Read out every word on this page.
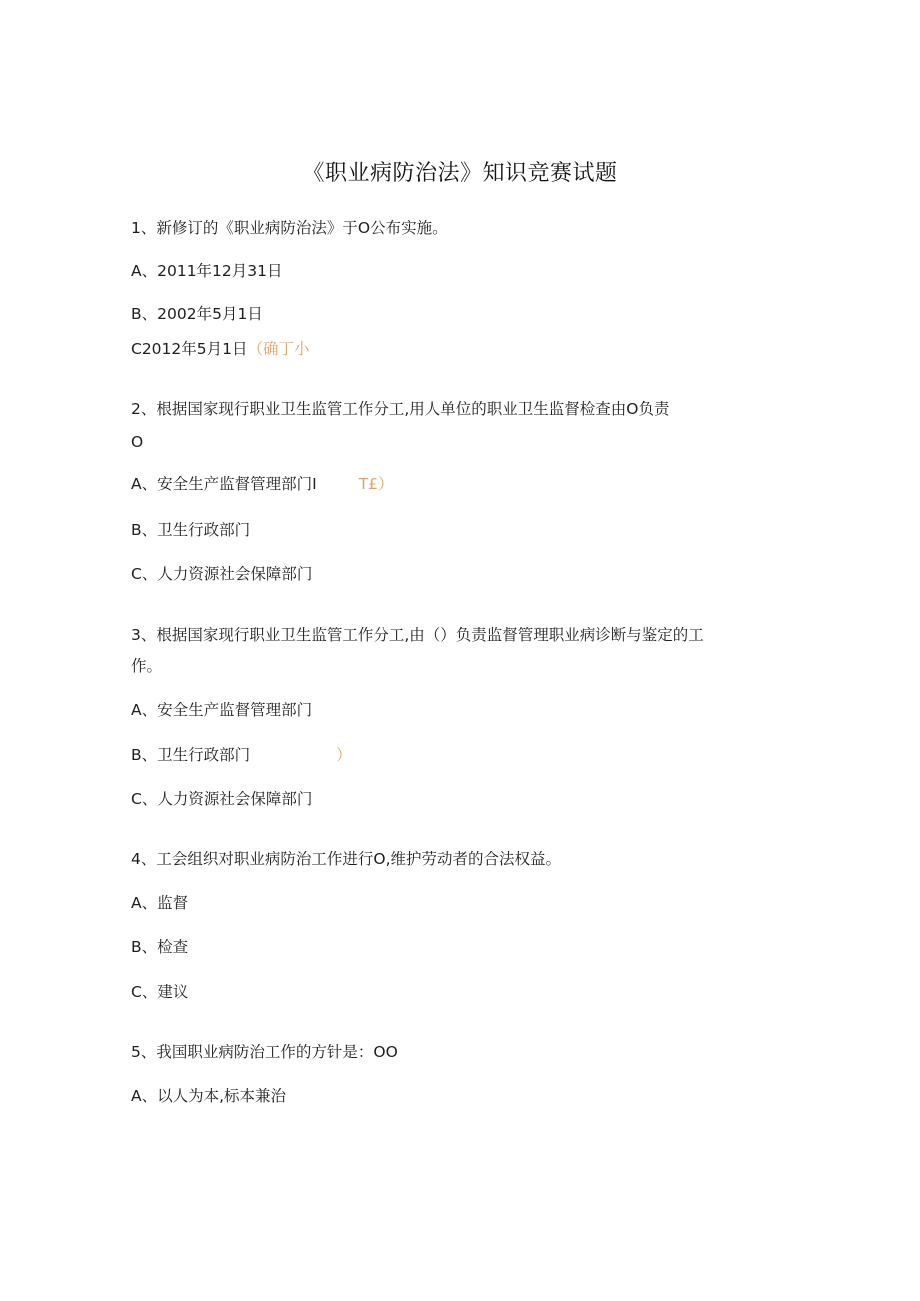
《职业病防治法》知识竞赛试题
1、新修订的《职业病防治法》于O公布实施。
A、2011年12月31日
B、2002年5月1日
C2012年5月1日（确丁小
2、根据国家现行职业卫生监管工作分工,用人单位的职业卫生监督检查由O负责
O
A、安全生产监督管理部门I	T£）
B、卫生行政部门
C、人力资源社会保障部门
3、根据国家现行职业卫生监管工作分工,由（）负责监督管理职业病诊断与鉴定的工
作。
A、安全生产监督管理部门
B、卫生行政部门	）
C、人力资源社会保障部门
4、工会组织对职业病防治工作进行O,维护劳动者的合法权益。
A、监督
B、检查
C、建议
5、我国职业病防治工作的方针是：OO
A、以人为本,标本兼治
